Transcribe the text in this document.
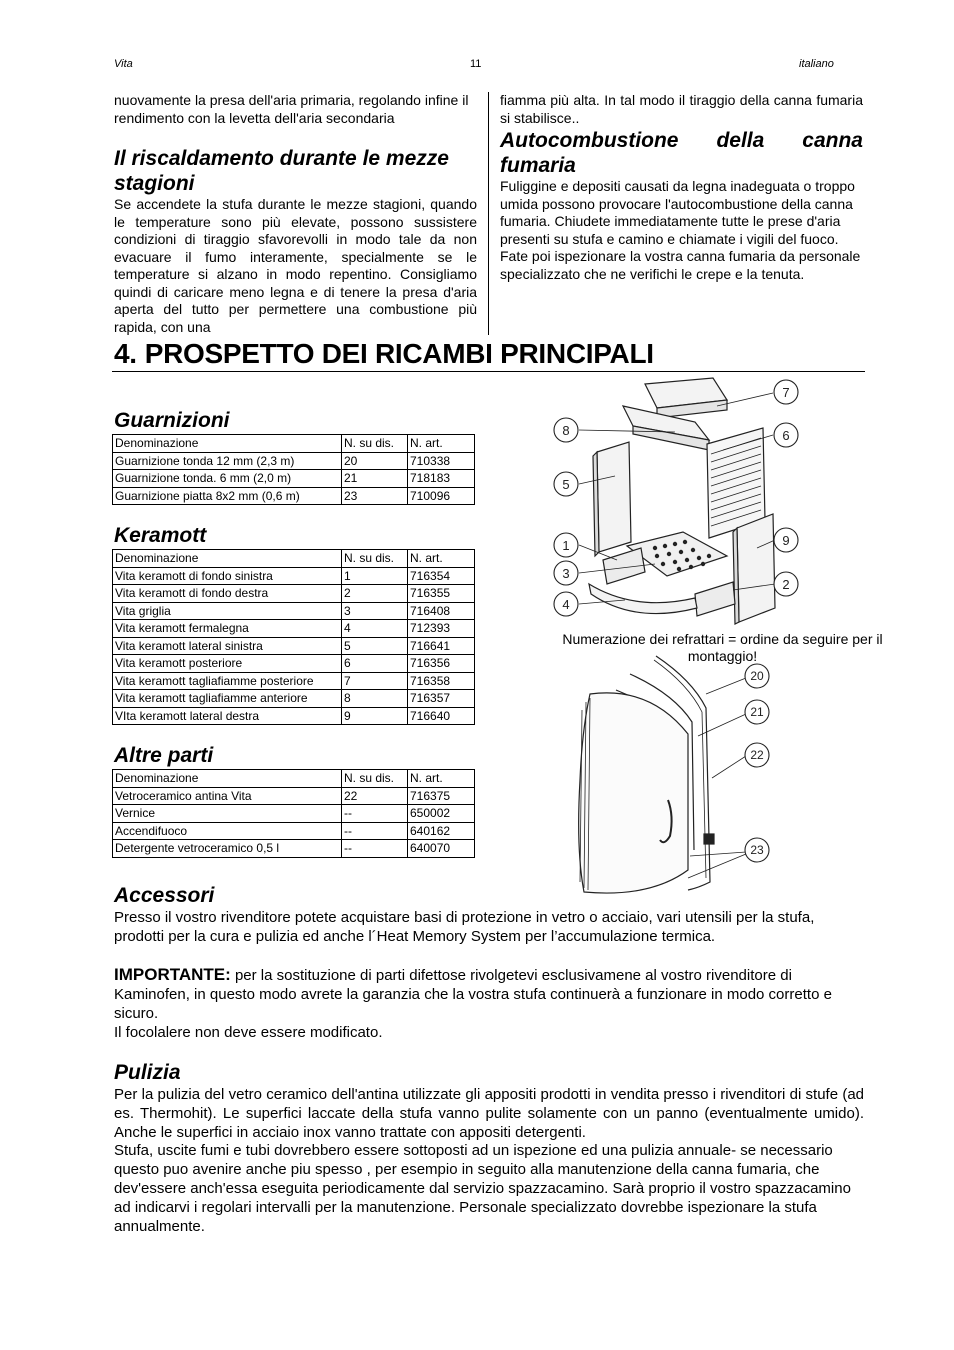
Vita	11	italiano
nuovamente la presa dell'aria primaria, regolando infine il rendimento con la levetta dell'aria secondaria
Il riscaldamento durante le mezze stagioni
Se accendete la stufa durante le mezze stagioni, quando le temperature sono più elevate, possono sussistere condizioni di tiraggio sfavorevolli in modo tale da non evacuare il fumo interamente, specialmente se le temperature si alzano in modo repentino. Consigliamo quindi di caricare meno legna e di tenere la presa d'aria aperta del tutto per permettere una combustione più rapida, con una
fiamma più alta. In tal modo il tiraggio della canna fumaria si stabilisce..
Autocombustione della canna fumaria
Fuliggine e depositi causati da legna inadeguata o troppo umida possono provocare l'autocombustione della canna fumaria. Chiudete immediatamente tutte le prese d'aria presenti su stufa e camino e chiamate i vigili del fuoco. Fate poi ispezionare la vostra canna fumaria da personale specializzato che ne verifichi le crepe e la tenuta.
4. PROSPETTO DEI RICAMBI PRINCIPALI
Guarnizioni
Denominazione	N. su dis.	N. art.
Guarnizione tonda 12 mm (2,3 m)	20	710338
Guarnizione tonda. 6 mm (2,0 m)	21	718183
Guarnizione piatta 8x2 mm (0,6 m)	23	710096
Keramott
Denominazione	N. su dis.	N. art.
Vita keramott di fondo sinistra	1	716354
Vita keramott di fondo destra	2	716355
Vita griglia	3	716408
Vita keramott fermalegna	4	712393
Vita keramott lateral sinistra	5	716641
Vita keramott posteriore	6	716356
Vita keramott tagliafiamme posteriore	7	716358
Vita keramott tagliafiamme anteriore	8	716357
VIta keramott lateral destra	9	716640
Altre parti
Denominazione	N. su dis.	N. art.
Vetroceramico antina Vita	22	716375
Vernice	--	650002
Accendifuoco	--	640162
Detergente vetroceramico 0,5 l	--	640070
7
8	6
5
1	9
3
2
4
Numerazione dei refrattari = ordine da seguire per il montaggio!
20
21
22
23
Accessori
Presso il vostro rivenditore potete acquistare basi di protezione in vetro o acciaio, vari utensili per la stufa, prodotti per la cura e pulizia ed anche l´Heat Memory System per l’accumulazione termica.
IMPORTANTE: per la sostituzione di parti difettose rivolgetevi esclusivamene al vostro rivenditore di Kaminofen, in questo modo avrete la garanzia che la vostra stufa continuerà a funzionare in modo corretto e sicuro.
Il focolalere non deve essere modificato.
Pulizia
Per la pulizia del vetro ceramico dell'antina utilizzate gli appositi prodotti in vendita presso i rivenditori di stufe (ad es. Thermohit). Le superfici laccate della stufa vanno pulite solamente con un panno (eventualmente umido). Anche le superfici in acciaio inox vanno trattate con appositi detergenti.
Stufa, uscite fumi e tubi dovrebbero essere sottoposti ad un ispezione ed una pulizia annuale- se necessario questo puo avenire anche piu spesso , per esempio in seguito alla manutenzione della canna fumaria, che dev'essere anch'essa eseguita periodicamente dal servizio spazzacamino. Sarà proprio il vostro spazzacamino ad indicarvi i regolari intervalli per la manutenzione. Personale specializzato dovrebbe ispezionare la stufa annualmente.
